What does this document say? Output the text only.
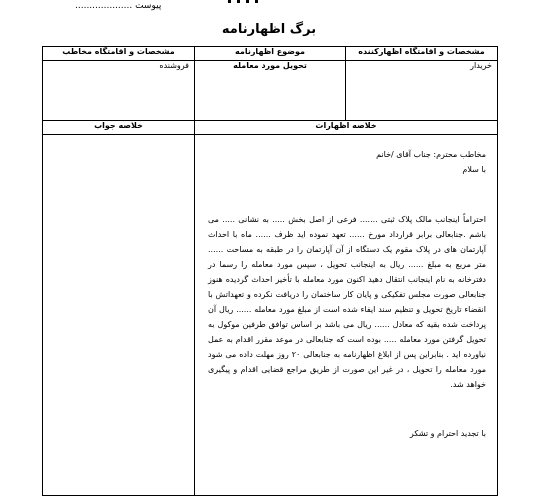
پیوست ....................
برگ اظهارنامه
مشخصات و اقامتگاه اظهارکننده	موضوع اظهارنامه	مشخصات و اقامتگاه مخاطب
خریدار	تحویل مورد معامله	فروشنده
خلاصه اظهارات		خلاصه جواب

مخاطب محترم: جناب آقای /خانم

با سلام

احتراماً اینجانب مالک پلاک ثبتی ....... فرعی از اصل بخش ..... به نشانی ..... می باشم .جنابعالی برابر قرارداد مورخ ...... تعهد نموده اید ظرف ...... ماه با احداث آپارتمان های در پلاک مقوم یک دستگاه از آن آپارتمان را در طبقه به مساحت ...... متر مربع به مبلغ ...... ریال به اینجانب تحویل ، سپس مورد معامله را رسما در دفترخانه به نام اینجانب انتقال دهید اکنون مورد معامله با تأخیر احداث گردیده هنوز جنابعالی صورت مجلس تفکیکی و پایان کار ساختمان را دریافت نکرده و تعهداتش با انقضاء تاریخ تحویل و تنظیم سند ایفاء شده است از مبلغ مورد معامله ...... ریال آن پرداخت شده بقیه که معادل ...... ریال می باشد بر اساس توافق طرفین موکول به تحویل گرفتن مورد معامله ..... بوده است که جنابعالی در موعد مقرر اقدام به عمل نیاورده اید . بنابراین پس از ابلاغ اظهارنامه به جنابعالی ۲۰ روز مهلت داده می شود مورد معامله را تحویل ، در غیر این صورت از طریق مراجع قضایی اقدام و پیگیری خواهد شد.

با تجدید احترام و تشکر		
